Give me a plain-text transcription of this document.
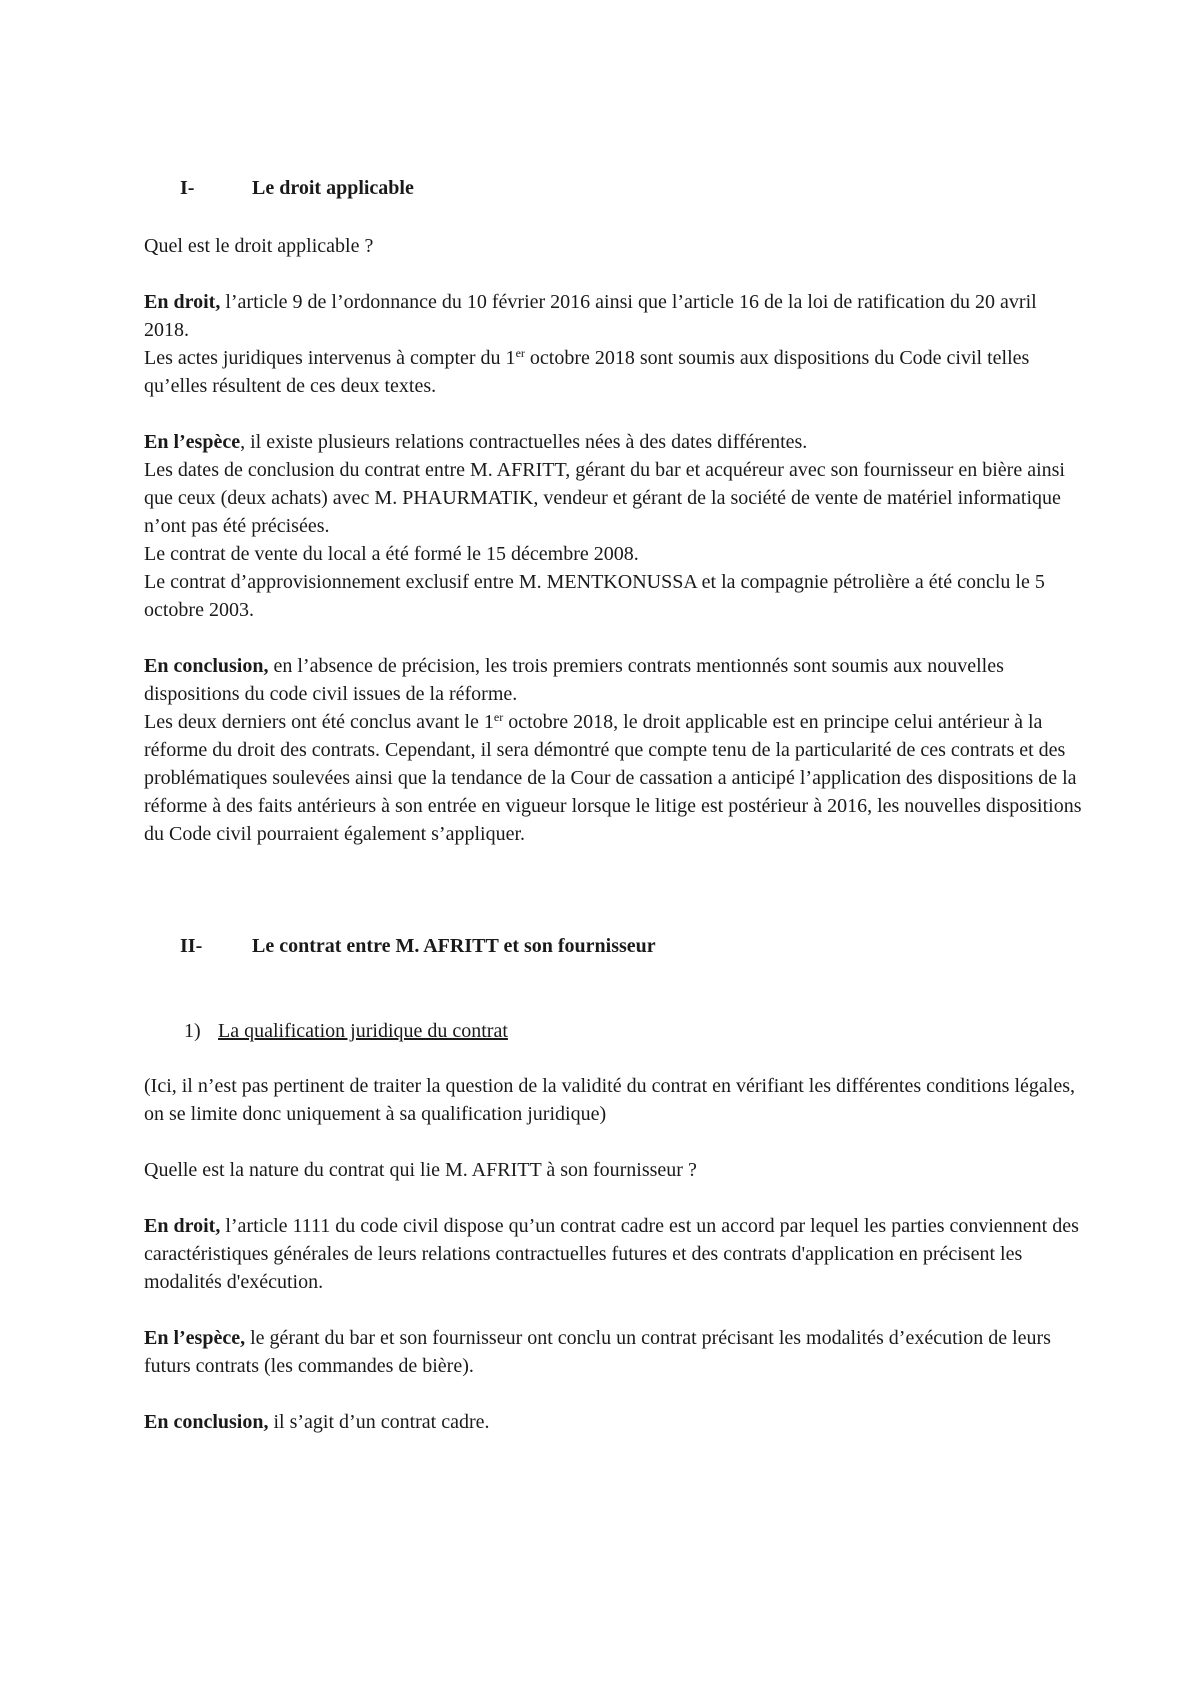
I-	Le droit applicable

Quel est le droit applicable ?

En droit, l’article 9 de l’ordonnance du 10 février 2016 ainsi que l’article 16 de la loi de ratification du 20 avril 2018.

Les actes juridiques intervenus à compter du 1er octobre 2018 sont soumis aux dispositions du Code civil telles qu’elles résultent de ces deux textes.

En l’espèce, il existe plusieurs relations contractuelles nées à des dates différentes.

Les dates de conclusion du contrat entre M. AFRITT, gérant du bar et acquéreur avec son fournisseur en bière ainsi que ceux (deux achats) avec M. PHAURMATIK, vendeur et gérant de la société de vente de matériel informatique n’ont pas été précisées.

Le contrat de vente du local a été formé le 15 décembre 2008.

Le contrat d’approvisionnement exclusif entre M. MENTKONUSSA et la compagnie pétrolière a été conclu le 5 octobre 2003.

En conclusion, en l’absence de précision, les trois premiers contrats mentionnés sont soumis aux nouvelles dispositions du code civil issues de la réforme.

Les deux derniers ont été conclus avant le 1er octobre 2018, le droit applicable est en principe celui antérieur à la réforme du droit des contrats. Cependant, il sera démontré que compte tenu de la particularité de ces contrats et des problématiques soulevées ainsi que la tendance de la Cour de cassation a anticipé l’application des dispositions de la réforme à des faits antérieurs à son entrée en vigueur lorsque le litige est postérieur à 2016, les nouvelles dispositions du Code civil pourraient également s’appliquer.

II- Le contrat entre M. AFRITT et son fournisseur
1) La qualification juridique du contrat

(Ici, il n’est pas pertinent de traiter la question de la validité du contrat en vérifiant les différentes conditions légales, on se limite donc uniquement à sa qualification juridique)

Quelle est la nature du contrat qui lie M. AFRITT à son fournisseur ?

En droit, l’article 1111 du code civil dispose qu’un contrat cadre est un accord par lequel les parties conviennent des caractéristiques générales de leurs relations contractuelles futures et des contrats d'application en précisent les modalités d'exécution.

En l’espèce, le gérant du bar et son fournisseur ont conclu un contrat précisant les modalités d’exécution de leurs futurs contrats (les commandes de bière).

En conclusion, il s’agit d’un contrat cadre.
